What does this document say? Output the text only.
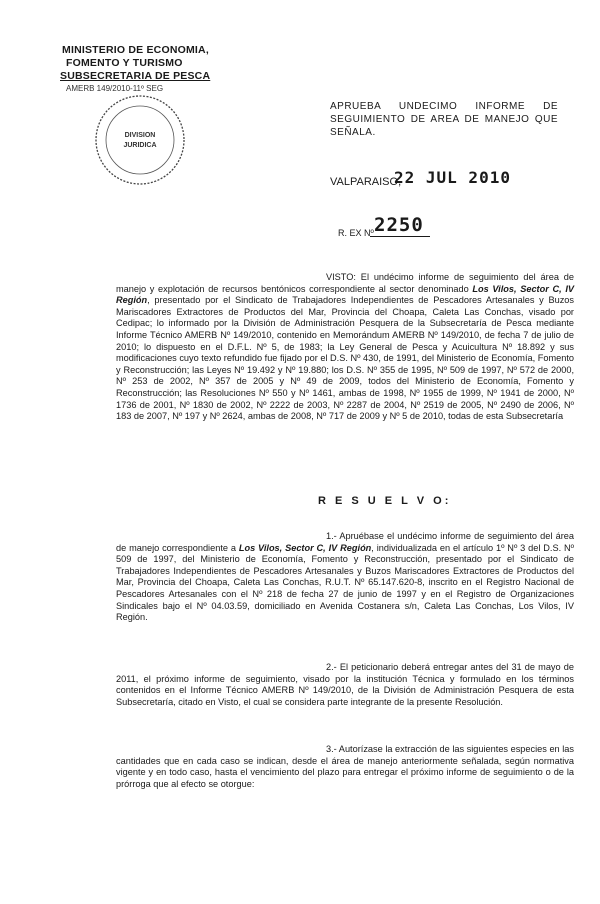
MINISTERIO DE ECONOMIA,
FOMENTO Y TURISMO
SUBSECRETARIA DE PESCA
AMERB 149/2010-11º SEG
DIVISION
JURIDICA
APRUEBA UNDECIMO INFORME DE SEGUIMIENTO DE AREA DE MANEJO QUE SEÑALA.
VALPARAISO,
22 JUL 2010
R. EX Nº 2250
VISTO: El undécimo informe de seguimiento del área de manejo y explotación de recursos bentónicos correspondiente al sector denominado Los Vilos, Sector C, IV Región, presentado por el Sindicato de Trabajadores Independientes de Pescadores Artesanales y Buzos Mariscadores Extractores de Productos del Mar, Provincia del Choapa, Caleta Las Conchas, visado por Cedipac; lo informado por la División de Administración Pesquera de la Subsecretaría de Pesca mediante Informe Técnico AMERB Nº 149/2010, contenido en Memorándum AMERB Nº 149/2010, de fecha 7 de julio de 2010; lo dispuesto en el D.F.L. Nº 5, de 1983; la Ley General de Pesca y Acuicultura Nº 18.892 y sus modificaciones cuyo texto refundido fue fijado por el D.S. Nº 430, de 1991, del Ministerio de Economía, Fomento y Reconstrucción; las Leyes Nº 19.492 y Nº 19.880; los D.S. Nº 355 de 1995, Nº 509 de 1997, Nº 572 de 2000, Nº 253 de 2002, Nº 357 de 2005 y Nº 49 de 2009, todos del Ministerio de Economía, Fomento y Reconstrucción; las Resoluciones Nº 550 y Nº 1461, ambas de 1998, Nº 1955 de 1999, Nº 1941 de 2000, Nº 1736 de 2001, Nº 1830 de 2002, Nº 2222 de 2003, Nº 2287 de 2004, Nº 2519 de 2005, Nº 2490 de 2006, Nº 183 de 2007, Nº 197 y Nº 2624, ambas de 2008, Nº 717 de 2009 y Nº 5 de 2010, todas de esta Subsecretaría
R E S U E L V O:
1.- Apruébase el undécimo informe de seguimiento del área de manejo correspondiente a Los Vilos, Sector C, IV Región, individualizada en el artículo 1º Nº 3 del D.S. Nº 509 de 1997, del Ministerio de Economía, Fomento y Reconstrucción, presentado por el Sindicato de Trabajadores Independientes de Pescadores Artesanales y Buzos Mariscadores Extractores de Productos del Mar, Provincia del Choapa, Caleta Las Conchas, R.U.T. Nº 65.147.620-8, inscrito en el Registro Nacional de Pescadores Artesanales con el Nº 218 de fecha 27 de junio de 1997 y en el Registro de Organizaciones Sindicales bajo el Nº 04.03.59, domiciliado en Avenida Costanera s/n, Caleta Las Conchas, Los Vilos, IV Región.
2.- El peticionario deberá entregar antes del 31 de mayo de 2011, el próximo informe de seguimiento, visado por la institución Técnica y formulado en los términos contenidos en el Informe Técnico AMERB Nº 149/2010, de la División de Administración Pesquera de esta Subsecretaría, citado en Visto, el cual se considera parte integrante de la presente Resolución.
3.- Autorízase la extracción de las siguientes especies en las cantidades que en cada caso se indican, desde el área de manejo anteriormente señalada, según normativa vigente y en todo caso, hasta el vencimiento del plazo para entregar el próximo informe de seguimiento o de la prórroga que al efecto se otorgue:
